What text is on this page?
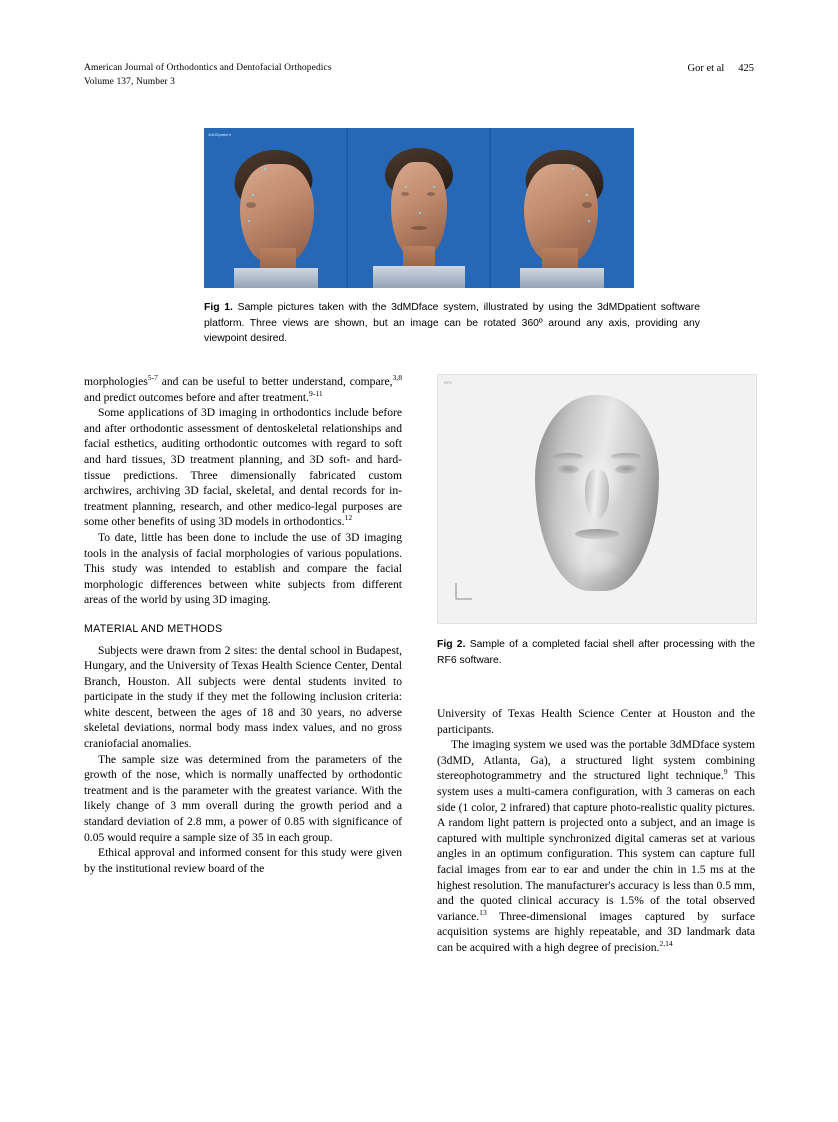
American Journal of Orthodontics and Dentofacial Orthopedics
Volume 137, Number 3
Gor et al 425
3dMDpatient
Fig 1. Sample pictures taken with the 3dMDface system, illustrated by using the 3dMDpatient software platform. Three views are shown, but an image can be rotated 360º around any axis, providing any viewpoint desired.
RF6
Fig 2. Sample of a completed facial shell after processing with the RF6 software.

morphologies$^{5-7}$ and can be useful to better understand, compare,$^{3,8}$ and predict outcomes before and after treatment.$^{9-11}$

Some applications of 3D imaging in orthodontics include before and after orthodontic assessment of dentoskeletal relationships and facial esthetics, auditing orthodontic outcomes with regard to soft and hard tissues, 3D treatment planning, and 3D soft- and hard-tissue predictions. Three dimensionally fabricated custom archwires, archiving 3D facial, skeletal, and dental records for in-treatment planning, research, and other medico-legal purposes are some other benefits of using 3D models in orthodontics.$^{12}$

To date, little has been done to include the use of 3D imaging tools in the analysis of facial morphologies of various populations. This study was intended to establish and compare the facial morphologic differences between white subjects from different areas of the world by using 3D imaging.

MATERIAL AND METHODS

Subjects were drawn from 2 sites: the dental school in Budapest, Hungary, and the University of Texas Health Science Center, Dental Branch, Houston. All subjects were dental students invited to participate in the study if they met the following inclusion criteria: white descent, between the ages of 18 and 30 years, no adverse skeletal deviations, normal body mass index values, and no gross craniofacial anomalies.

The sample size was determined from the parameters of the growth of the nose, which is normally unaffected by orthodontic treatment and is the parameter with the greatest variance. With the likely change of 3 mm overall during the growth period and a standard deviation of 2.8 mm, a power of 0.85 with significance of 0.05 would require a sample size of 35 in each group.

Ethical approval and informed consent for this study were given by the institutional review board of the

University of Texas Health Science Center at Houston and the participants.

The imaging system we used was the portable 3dMDface system (3dMD, Atlanta, Ga), a structured light system combining stereophotogrammetry and the structured light technique.$^9$ This system uses a multi-camera configuration, with 3 cameras on each side (1 color, 2 infrared) that capture photo-realistic quality pictures. A random light pattern is projected onto a subject, and an image is captured with multiple synchronized digital cameras set at various angles in an optimum configuration. This system can capture full facial images from ear to ear and under the chin in 1.5 ms at the highest resolution. The manufacturer's accuracy is less than 0.5 mm, and the quoted clinical accuracy is 1.5% of the total observed variance.$^{13}$ Three-dimensional images captured by surface acquisition systems are highly repeatable, and 3D landmark data can be acquired with a high degree of precision.$^{2,14}$
